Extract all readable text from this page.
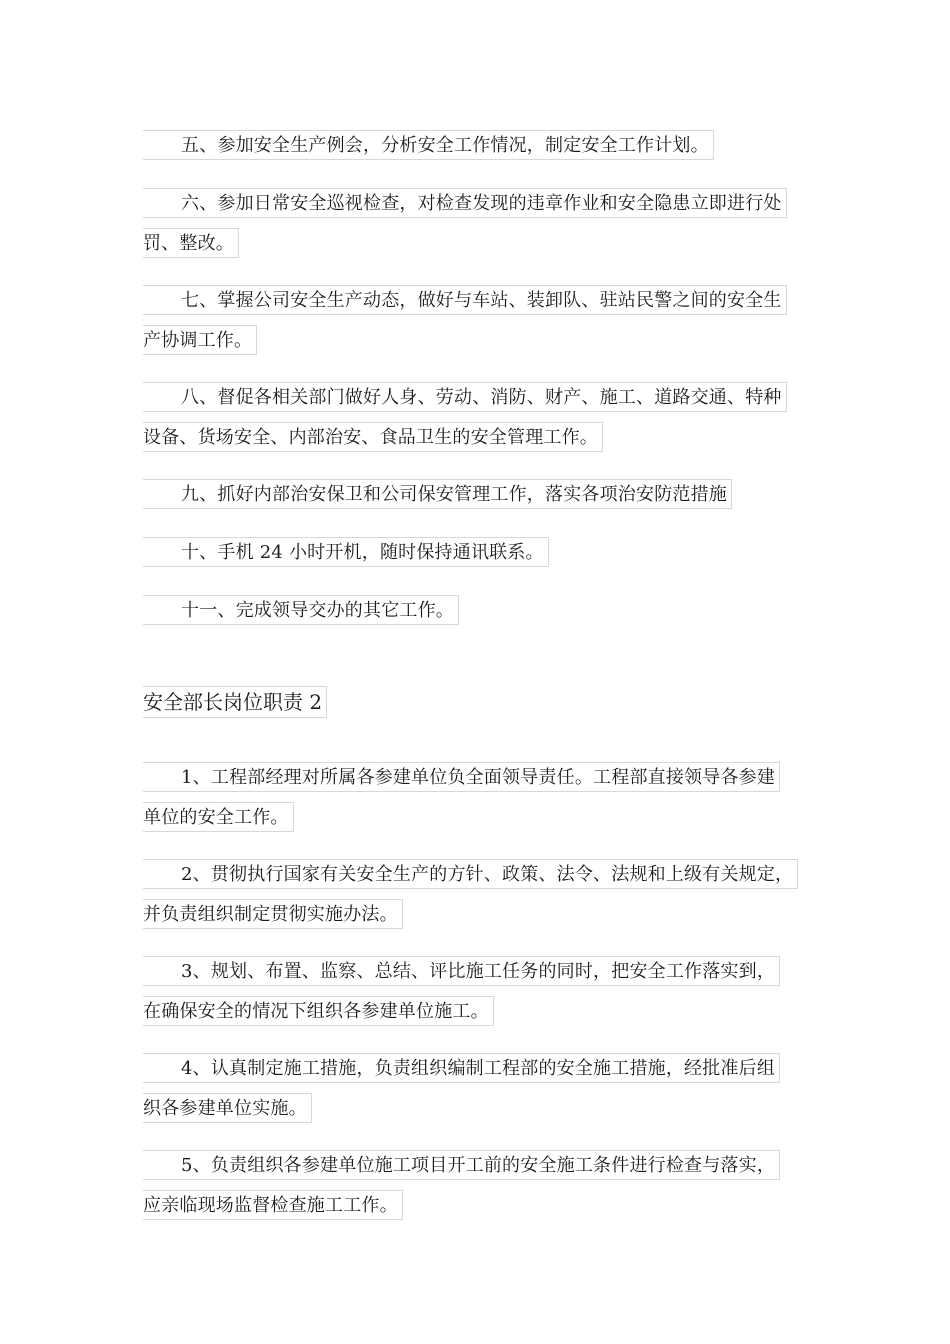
五、参加安全生产例会，分析安全工作情况，制定安全工作计划。
六、参加日常安全巡视检查，对检查发现的违章作业和安全隐患立即进行处
罚、整改。
七、掌握公司安全生产动态，做好与车站、装卸队、驻站民警之间的安全生
产协调工作。
八、督促各相关部门做好人身、劳动、消防、财产、施工、道路交通、特种
设备、货场安全、内部治安、食品卫生的安全管理工作。
九、抓好内部治安保卫和公司保安管理工作，落实各项治安防范措施
十、手机 24 小时开机，随时保持通讯联系。
十一、完成领导交办的其它工作。
安全部长岗位职责 2
1、工程部经理对所属各参建单位负全面领导责任。工程部直接领导各参建
单位的安全工作。
2、贯彻执行国家有关安全生产的方针、政策、法令、法规和上级有关规定，
并负责组织制定贯彻实施办法。
3、规划、布置、监察、总结、评比施工任务的同时，把安全工作落实到，
在确保安全的情况下组织各参建单位施工。
4、认真制定施工措施，负责组织编制工程部的安全施工措施，经批准后组
织各参建单位实施。
5、负责组织各参建单位施工项目开工前的安全施工条件进行检查与落实，
应亲临现场监督检查施工工作。
